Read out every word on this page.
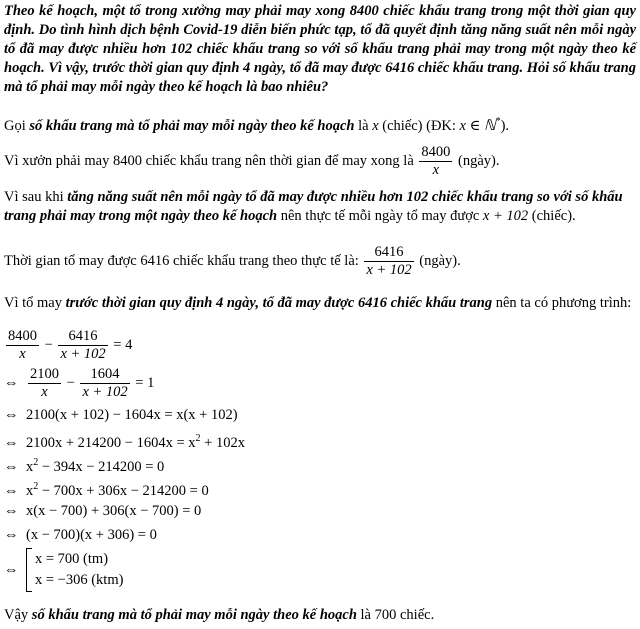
Theo kế hoạch, một tổ trong xưởng may phải may xong 8400 chiếc khẩu trang trong một thời gian quy định. Do tình hình dịch bệnh Covid-19 diễn biến phức tạp, tổ đã quyết định tăng năng suất nên mỗi ngày tổ đã may được nhiều hơn 102 chiếc khẩu trang so với số khẩu trang phải may trong một ngày theo kế hoạch. Vì vậy, trước thời gian quy định 4 ngày, tổ đã may được 6416 chiếc khẩu trang. Hỏi số khẩu trang mà tổ phải may mỗi ngày theo kế hoạch là bao nhiêu?

Gọi số khẩu trang mà tổ phải may mỗi ngày theo kế hoạch là x (chiếc) (ĐK: x ∈ ℕ*).

Vì xưởn phải may 8400 chiếc khẩu trang nên thời gian để may xong là $\frac{8400}{x}$ (ngày).

Vì sau khi tăng năng suất nên mỗi ngày tổ đã may được nhiều hơn 102 chiếc khẩu trang so với số khẩu trang phải may trong một ngày theo kế hoạch nên thực tế mỗi ngày tổ may được x + 102 (chiếc).

Thời gian tổ may được 6416 chiếc khẩu trang theo thực tế là: $\frac{6416}{x + 102}$ (ngày).

Vì tổ may trước thời gian quy định 4 ngày, tổ đã may được 6416 chiếc khẩu trang nên ta có phương trình:

$\frac{8400}{x} - \frac{6416}{x + 102} = 4$
⇔ $\frac{2100}{x} - \frac{1604}{x + 102} = 1$
⇔ 2100(x + 102) − 1604x = x(x + 102)
⇔ $2100x + 214200 - 1604x = x^2 + 102x$
⇔ $x^2 - 394x - 214200 = 0$
⇔ $x^2 - 700x + 306x - 214200 = 0$
⇔ x(x − 700) + 306(x − 700) = 0
⇔ (x − 700)(x + 306) = 0
⇔
x = 700 (tm)
x = −306 (ktm)

Vậy số khẩu trang mà tổ phải may mỗi ngày theo kế hoạch là 700 chiếc.
